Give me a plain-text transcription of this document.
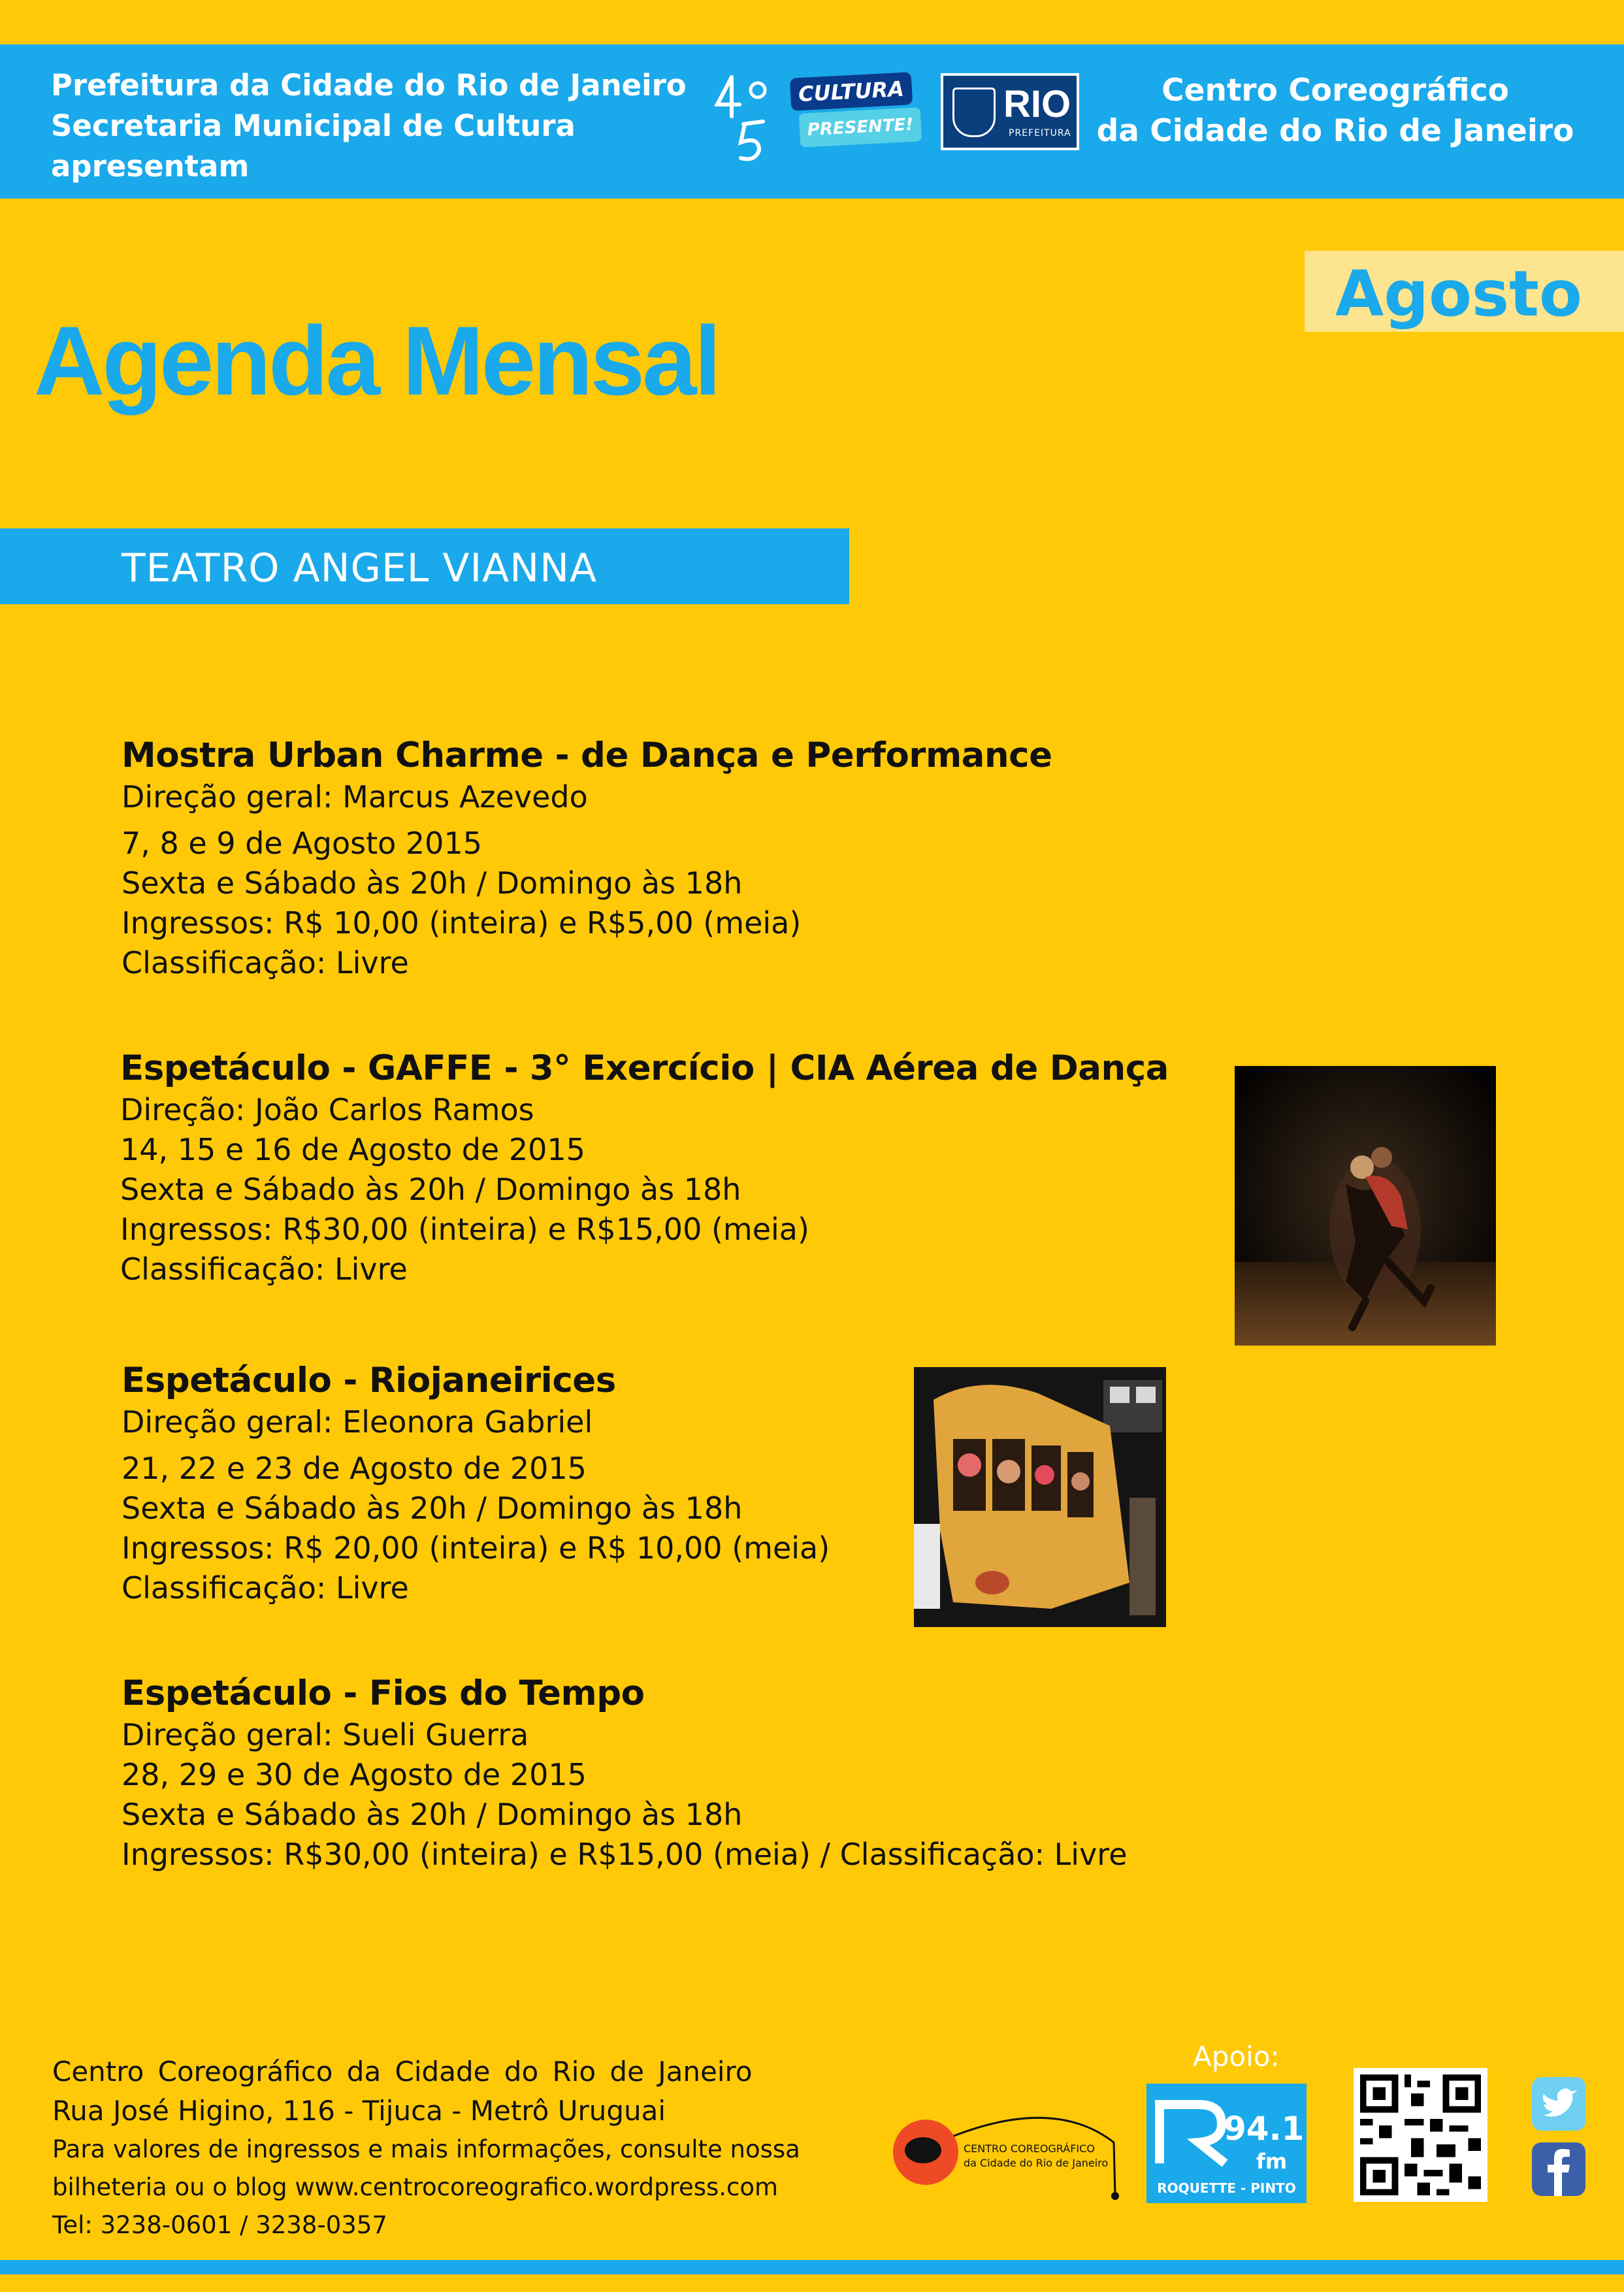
Prefeitura da Cidade do Rio de Janeiro
Secretaria Municipal de Cultura
apresentam
CULTURA
PRESENTE!
RIO
PREFEITURA
Centro Coreográfico
da Cidade do Rio de Janeiro
Agosto
Agenda Mensal
TEATRO ANGEL VIANNA
Mostra Urban Charme - de Dança e Performance
Direção geral: Marcus Azevedo
7, 8 e 9 de Agosto 2015
Sexta e Sábado às 20h / Domingo às 18h
Ingressos: R$ 10,00 (inteira) e R$5,00 (meia)
Classificação: Livre
Espetáculo - GAFFE - 3° Exercício | CIA Aérea de Dança
Direção: João Carlos Ramos
14, 15 e 16 de Agosto de 2015
Sexta e Sábado às 20h / Domingo às 18h
Ingressos: R$30,00 (inteira) e R$15,00 (meia)
Classificação: Livre
Espetáculo - Riojaneirices
Direção geral: Eleonora Gabriel
21, 22 e 23 de Agosto de 2015
Sexta e Sábado às 20h / Domingo às 18h
Ingressos: R$ 20,00 (inteira) e R$ 10,00 (meia)
Classificação: Livre
Espetáculo - Fios do Tempo
Direção geral: Sueli Guerra
28, 29 e 30 de Agosto de 2015
Sexta e Sábado às 20h / Domingo às 18h
Ingressos: R$30,00 (inteira) e R$15,00 (meia) / Classificação: Livre
Centro Coreográfico da Cidade do Rio de Janeiro
Rua José Higino, 116 - Tijuca - Metrô Uruguai
Para valores de ingressos e mais informações, consulte nossa
bilheteria ou o blog www.centrocoreografico.wordpress.com
Tel: 3238-0601 / 3238-0357
CENTRO COREOGRÁFICO
da Cidade do Rio de Janeiro
Apoio:
94.1
fm
ROQUETTE - PINTO
